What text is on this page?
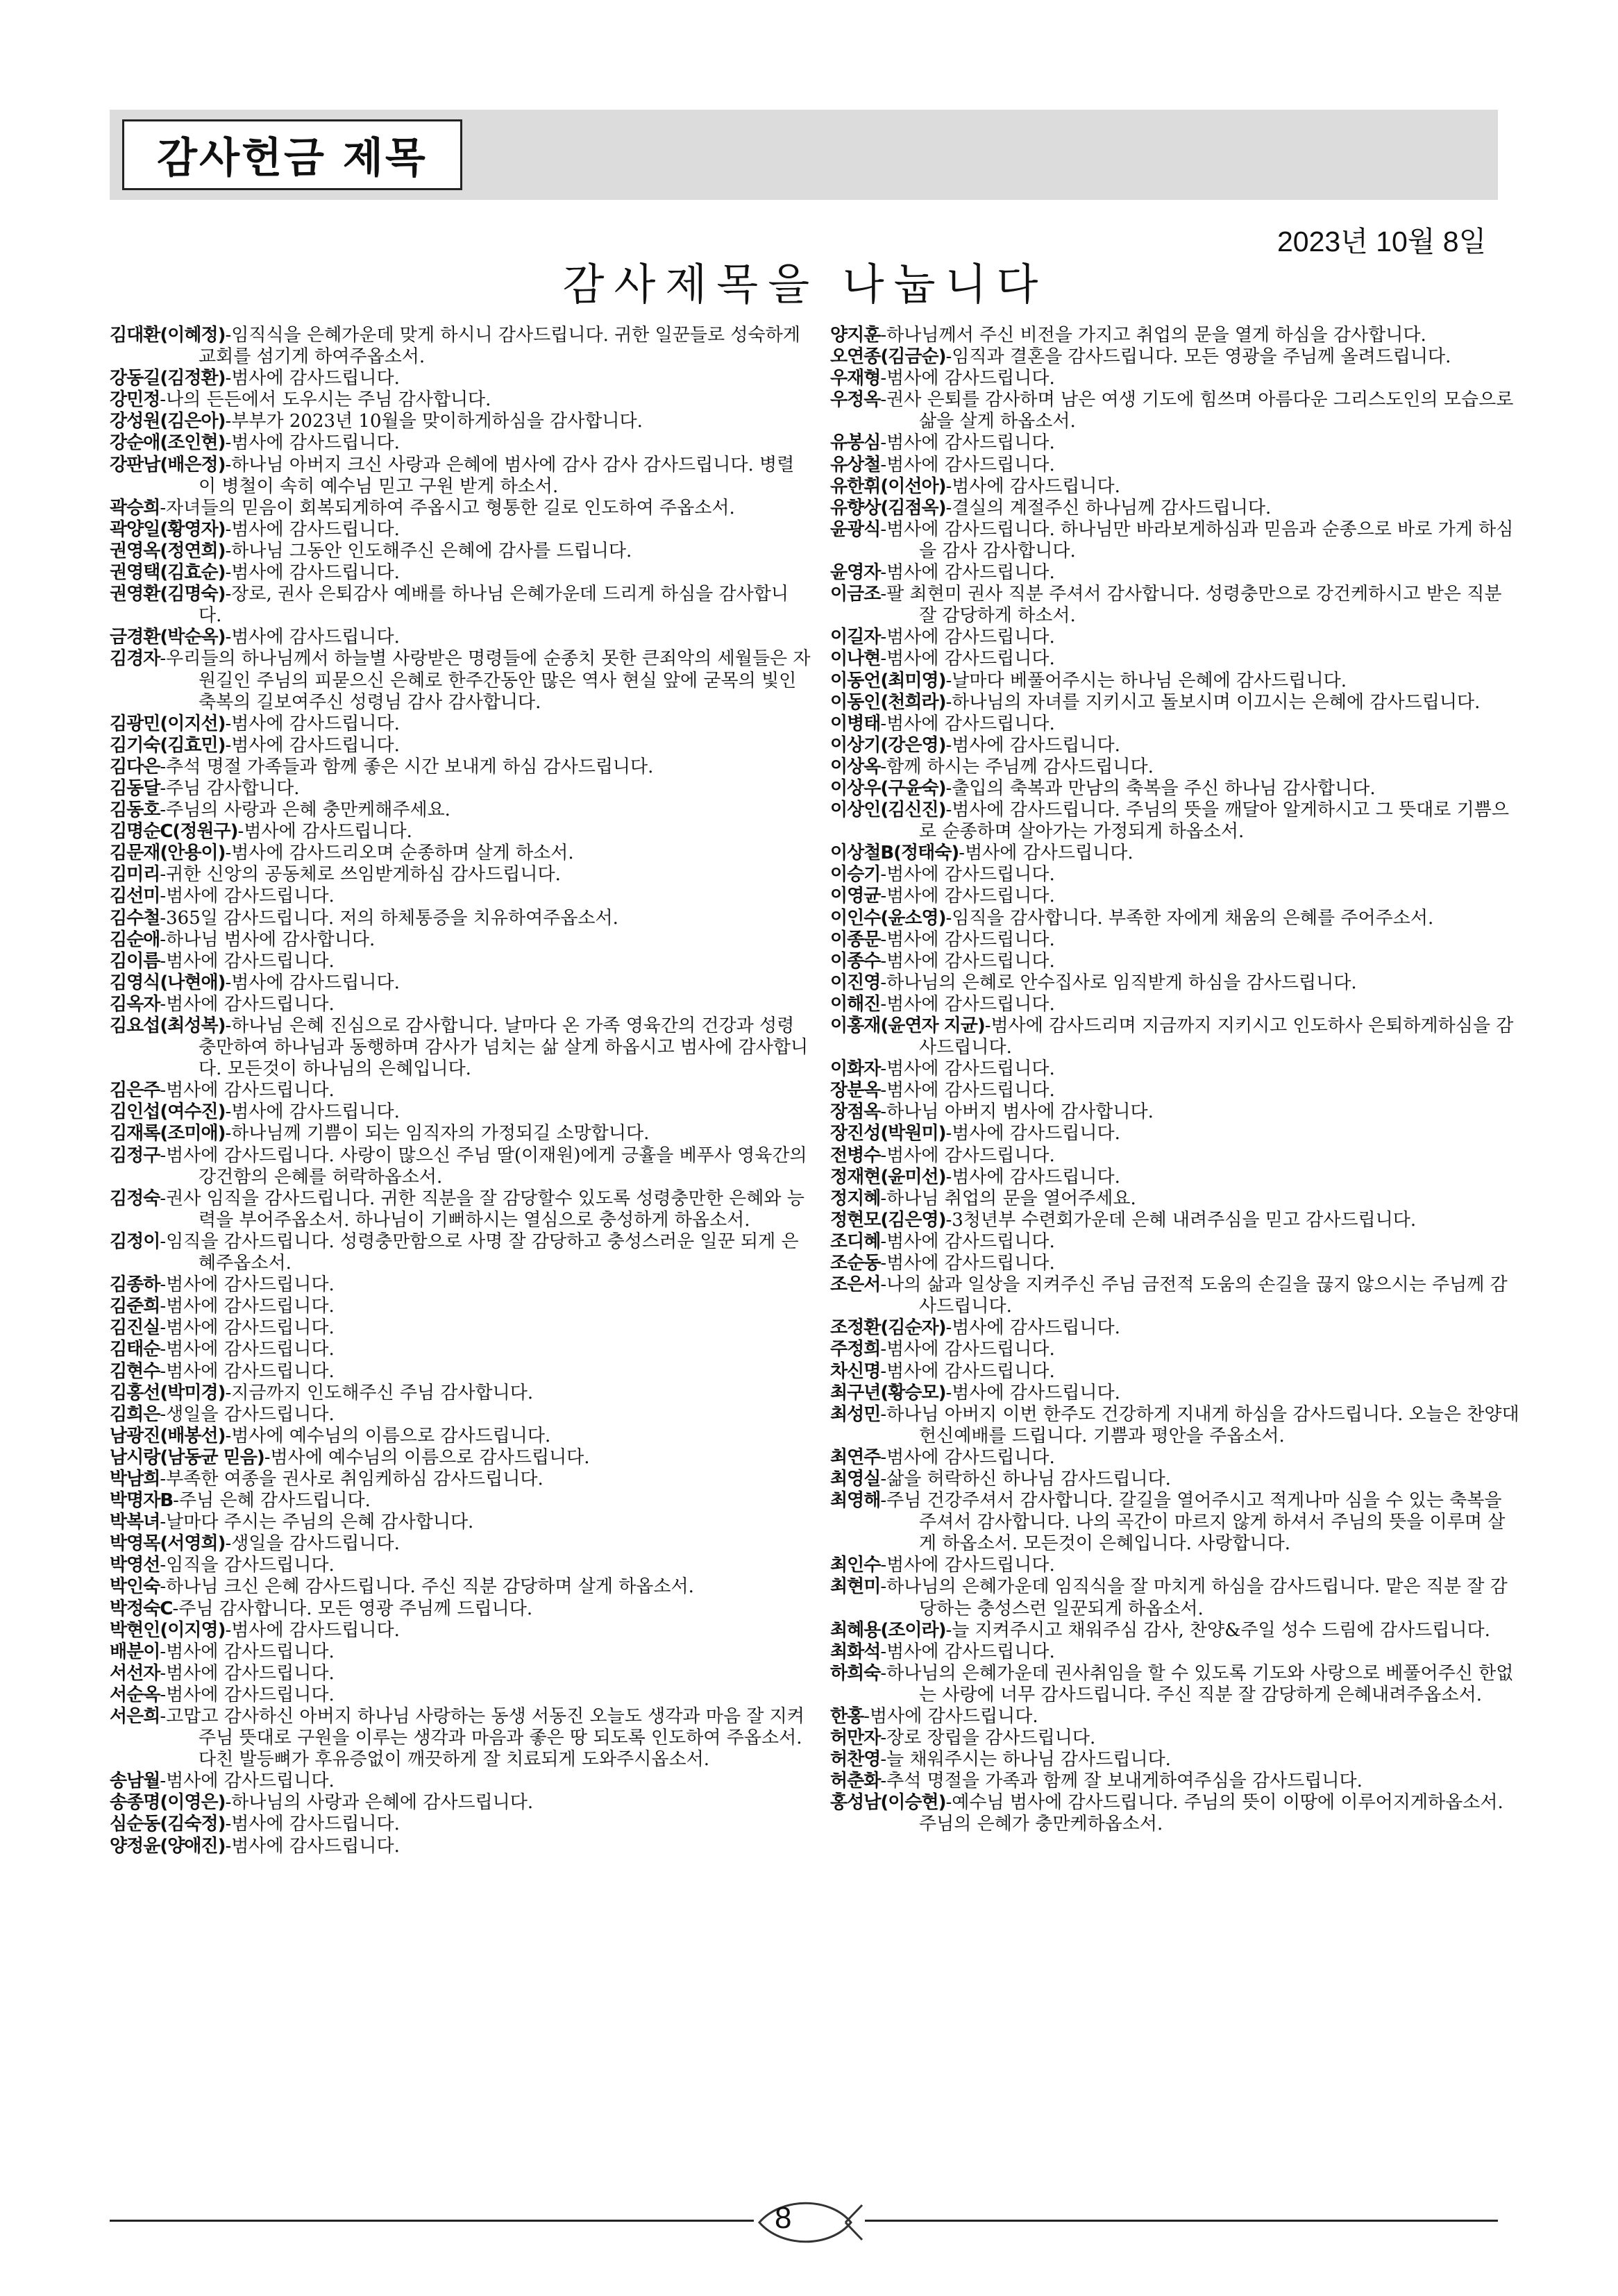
감사헌금 제목
2023년 10월 8일
감사제목을 나눕니다

김대환(이혜정)-임직식을 은혜가운데 맞게 하시니 감사드립니다. 귀한 일꾼들로 성숙하게 교회를 섬기게 하여주옵소서.

강동길(김정환)-범사에 감사드립니다.

강민정-나의 든든에서 도우시는 주님 감사합니다.

강성원(김은아)-부부가 2023년 10월을 맞이하게하심을 감사합니다.

강순애(조인현)-범사에 감사드립니다.

강판남(배은정)-하나님 아버지 크신 사랑과 은혜에 범사에 감사 감사 감사드립니다. 병렬이 병철이 속히 예수님 믿고 구원 받게 하소서.

곽승희-자녀들의 믿음이 회복되게하여 주옵시고 형통한 길로 인도하여 주옵소서.

곽양일(황영자)-범사에 감사드립니다.

권영옥(정연희)-하나님 그동안 인도해주신 은혜에 감사를 드립니다.

권영택(김효순)-범사에 감사드립니다.

권영환(김명숙)-장로, 권사 은퇴감사 예배를 하나님 은혜가운데 드리게 하심을 감사합니다.

금경환(박순옥)-범사에 감사드립니다.

김경자-우리들의 하나님께서 하늘별 사랑받은 명령들에 순종치 못한 큰죄악의 세월들은 자원길인 주님의 피묻으신 은혜로 한주간동안 많은 역사 현실 앞에 굳목의 빛인 축복의 길보여주신 성령님 감사 감사합니다.

김광민(이지선)-범사에 감사드립니다.

김기숙(김효민)-범사에 감사드립니다.

김다은-추석 명절 가족들과 함께 좋은 시간 보내게 하심 감사드립니다.

김동달-주님 감사합니다.

김동호-주님의 사랑과 은혜 충만케해주세요.

김명순C(정원구)-범사에 감사드립니다.

김문재(안용이)-범사에 감사드리오며 순종하며 살게 하소서.

김미리-귀한 신앙의 공동체로 쓰임받게하심 감사드립니다.

김선미-범사에 감사드립니다.

김수철-365일 감사드립니다. 저의 하체통증을 치유하여주옵소서.

김순애-하나님 범사에 감사합니다.

김이름-범사에 감사드립니다.

김영식(나현애)-범사에 감사드립니다.

김옥자-범사에 감사드립니다.

김요섭(최성복)-하나님 은혜 진심으로 감사합니다. 날마다 온 가족 영육간의 건강과 성령충만하여 하나님과 동행하며 감사가 넘치는 삶 살게 하옵시고 범사에 감사합니다. 모든것이 하나님의 은혜입니다.

김은주-범사에 감사드립니다.

김인섭(여수진)-범사에 감사드립니다.

김재록(조미애)-하나님께 기쁨이 되는 임직자의 가정되길 소망합니다.

김정구-범사에 감사드립니다. 사랑이 많으신 주님 딸(이재원)에게 긍휼을 베푸사 영육간의 강건함의 은혜를 허락하옵소서.

김정숙-권사 임직을 감사드립니다. 귀한 직분을 잘 감당할수 있도록 성령충만한 은혜와 능력을 부어주옵소서. 하나님이 기뻐하시는 열심으로 충성하게 하옵소서.

김정이-임직을 감사드립니다. 성령충만함으로 사명 잘 감당하고 충성스러운 일꾼 되게 은혜주옵소서.

김종하-범사에 감사드립니다.

김준희-범사에 감사드립니다.

김진실-범사에 감사드립니다.

김태순-범사에 감사드립니다.

김현수-범사에 감사드립니다.

김홍선(박미경)-지금까지 인도해주신 주님 감사합니다.

김희은-생일을 감사드립니다.

남광진(배봉선)-범사에 예수님의 이름으로 감사드립니다.

남시랑(남동균 믿음)-범사에 예수님의 이름으로 감사드립니다.

박남희-부족한 여종을 권사로 취임케하심 감사드립니다.

박명자B-주님 은혜 감사드립니다.

박복녀-날마다 주시는 주님의 은혜 감사합니다.

박영목(서영희)-생일을 감사드립니다.

박영선-임직을 감사드립니다.

박인숙-하나님 크신 은혜 감사드립니다. 주신 직분 감당하며 살게 하옵소서.

박정숙C-주님 감사합니다. 모든 영광 주님께 드립니다.

박현인(이지영)-범사에 감사드립니다.

배분이-범사에 감사드립니다.

서선자-범사에 감사드립니다.

서순옥-범사에 감사드립니다.

서은희-고맙고 감사하신 아버지 하나님 사랑하는 동생 서동진 오늘도 생각과 마음 잘 지켜 주님 뜻대로 구원을 이루는 생각과 마음과 좋은 땅 되도록 인도하여 주옵소서. 다친 발등뼈가 후유증없이 깨끗하게 잘 치료되게 도와주시옵소서.

송남월-범사에 감사드립니다.

송종명(이영은)-하나님의 사랑과 은혜에 감사드립니다.

심순동(김숙정)-범사에 감사드립니다.

양정윤(양애진)-범사에 감사드립니다.

양지훈-하나님께서 주신 비전을 가지고 취업의 문을 열게 하심을 감사합니다.

오연종(김금순)-임직과 결혼을 감사드립니다. 모든 영광을 주님께 올려드립니다.

우재형-범사에 감사드립니다.

우정옥-권사 은퇴를 감사하며 남은 여생 기도에 힘쓰며 아름다운 그리스도인의 모습으로 삶을 살게 하옵소서.

유봉심-범사에 감사드립니다.

유상철-범사에 감사드립니다.

유한휘(이선아)-범사에 감사드립니다.

유향상(김점옥)-결실의 계절주신 하나님께 감사드립니다.

윤광식-범사에 감사드립니다. 하나님만 바라보게하심과 믿음과 순종으로 바로 가게 하심을 감사 감사합니다.

윤영자-범사에 감사드립니다.

이금조-팔 최현미 권사 직분 주셔서 감사합니다. 성령충만으로 강건케하시고 받은 직분 잘 감당하게 하소서.

이길자-범사에 감사드립니다.

이나현-범사에 감사드립니다.

이동언(최미영)-날마다 베풀어주시는 하나님 은혜에 감사드립니다.

이동인(천희라)-하나님의 자녀를 지키시고 돌보시며 이끄시는 은혜에 감사드립니다.

이병태-범사에 감사드립니다.

이상기(강은영)-범사에 감사드립니다.

이상옥-함께 하시는 주님께 감사드립니다.

이상우(구윤숙)-출입의 축복과 만남의 축복을 주신 하나님 감사합니다.

이상인(김신진)-범사에 감사드립니다. 주님의 뜻을 깨달아 알게하시고 그 뜻대로 기쁨으로 순종하며 살아가는 가정되게 하옵소서.

이상철B(정태숙)-범사에 감사드립니다.

이승기-범사에 감사드립니다.

이영균-범사에 감사드립니다.

이인수(윤소영)-임직을 감사합니다. 부족한 자에게 채움의 은혜를 주어주소서.

이종문-범사에 감사드립니다.

이종수-범사에 감사드립니다.

이진영-하나님의 은혜로 안수집사로 임직받게 하심을 감사드립니다.

이해진-범사에 감사드립니다.

이홍재(윤연자 지균)-범사에 감사드리며 지금까지 지키시고 인도하사 은퇴하게하심을 감사드립니다.

이화자-범사에 감사드립니다.

장분옥-범사에 감사드립니다.

장점옥-하나님 아버지 범사에 감사합니다.

장진성(박원미)-범사에 감사드립니다.

전병수-범사에 감사드립니다.

정재현(윤미선)-범사에 감사드립니다.

정지혜-하나님 취업의 문을 열어주세요.

정현모(김은영)-3청년부 수련회가운데 은혜 내려주심을 믿고 감사드립니다.

조디혜-범사에 감사드립니다.

조순동-범사에 감사드립니다.

조은서-나의 삶과 일상을 지켜주신 주님 금전적 도움의 손길을 끊지 않으시는 주님께 감사드립니다.

조정환(김순자)-범사에 감사드립니다.

주정희-범사에 감사드립니다.

차신명-범사에 감사드립니다.

최구년(황승모)-범사에 감사드립니다.

최성민-하나님 아버지 이번 한주도 건강하게 지내게 하심을 감사드립니다. 오늘은 찬양대 헌신예배를 드립니다. 기쁨과 평안을 주옵소서.

최연주-범사에 감사드립니다.

최영실-삶을 허락하신 하나님 감사드립니다.

최영해-주님 건강주셔서 감사합니다. 갈길을 열어주시고 적게나마 심을 수 있는 축복을 주셔서 감사합니다. 나의 곡간이 마르지 않게 하셔서 주님의 뜻을 이루며 살게 하옵소서. 모든것이 은혜입니다. 사랑합니다.

최인수-범사에 감사드립니다.

최현미-하나님의 은혜가운데 임직식을 잘 마치게 하심을 감사드립니다. 맡은 직분 잘 감당하는 충성스런 일꾼되게 하옵소서.

최혜용(조이라)-늘 지켜주시고 채워주심 감사, 찬양&주일 성수 드림에 감사드립니다.

최화석-범사에 감사드립니다.

하희숙-하나님의 은혜가운데 권사취임을 할 수 있도록 기도와 사랑으로 베풀어주신 한없는 사랑에 너무 감사드립니다. 주신 직분 잘 감당하게 은혜내려주옵소서.

한홍-범사에 감사드립니다.

허만자-장로 장립을 감사드립니다.

허찬영-늘 채워주시는 하나님 감사드립니다.

허춘화-추석 명절을 가족과 함께 잘 보내게하여주심을 감사드립니다.

홍성남(이승현)-예수님 범사에 감사드립니다. 주님의 뜻이 이땅에 이루어지게하옵소서. 주님의 은혜가 충만케하옵소서.

8
